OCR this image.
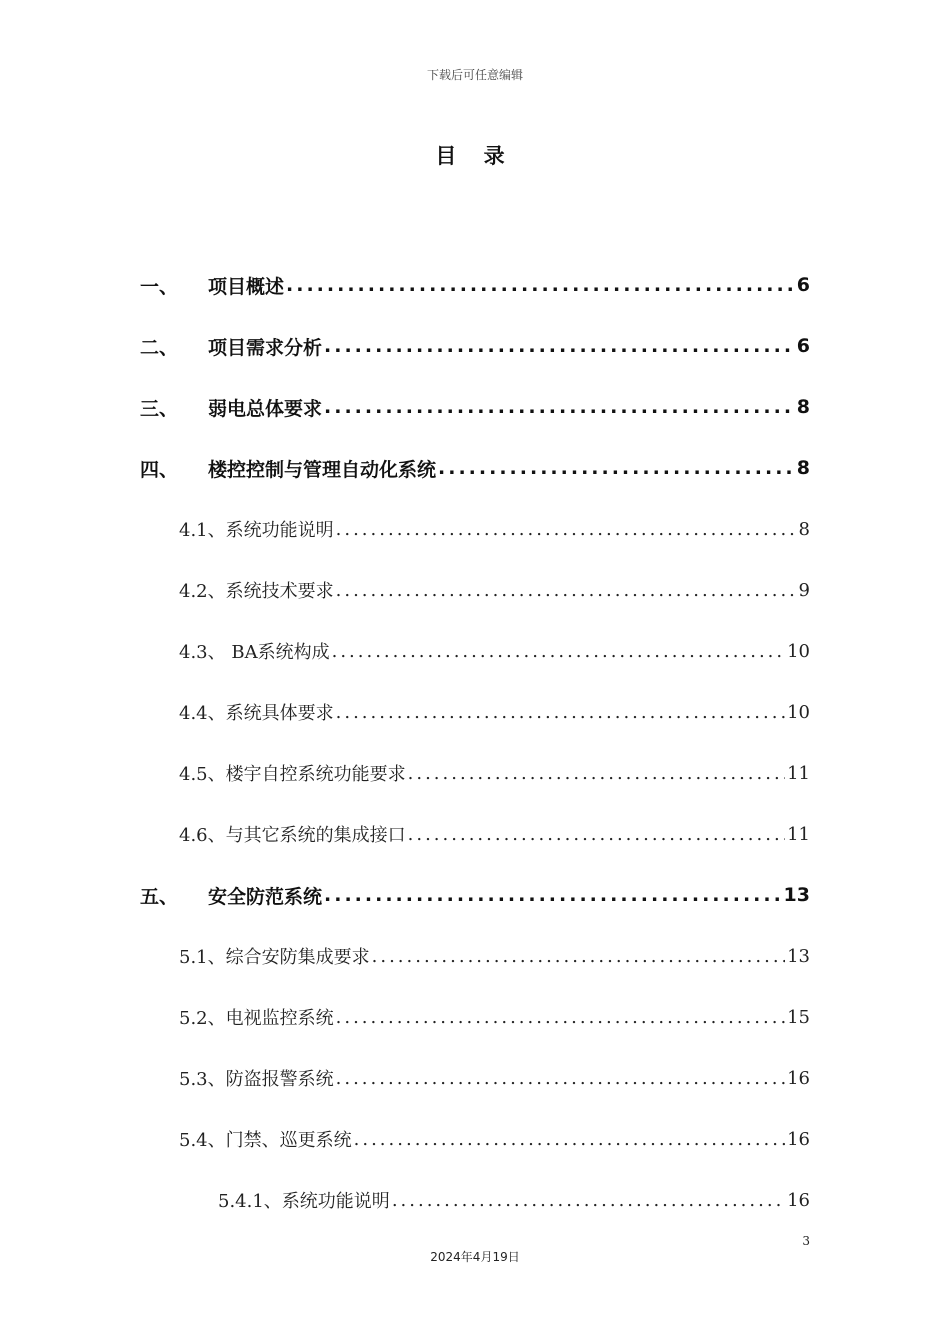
下载后可任意编辑
目 录
一、	项目概述 .....	6
二、	项目需求分析 .....	6
三、	弱电总体要求 .....	8
四、	楼控控制与管理自动化系统 .....	8
4.1、 系统功能说明 .....	8
4.2、 系统技术要求 .....	9
4.3、 BA系统构成 .....	10
4.4、 系统具体要求 .....	10
4.5、 楼宇自控系统功能要求 .....	11
4.6、 与其它系统的集成接口 .....	11
五、	安全防范系统 .....	13
5.1、 综合安防集成要求 .....	13
5.2、 电视监控系统 .....	15
5.3、 防盗报警系统 .....	16
5.4、 门禁、巡更系统 .....	16
5.4.1、 系统功能说明 .....	16
3
2024年4月19日
